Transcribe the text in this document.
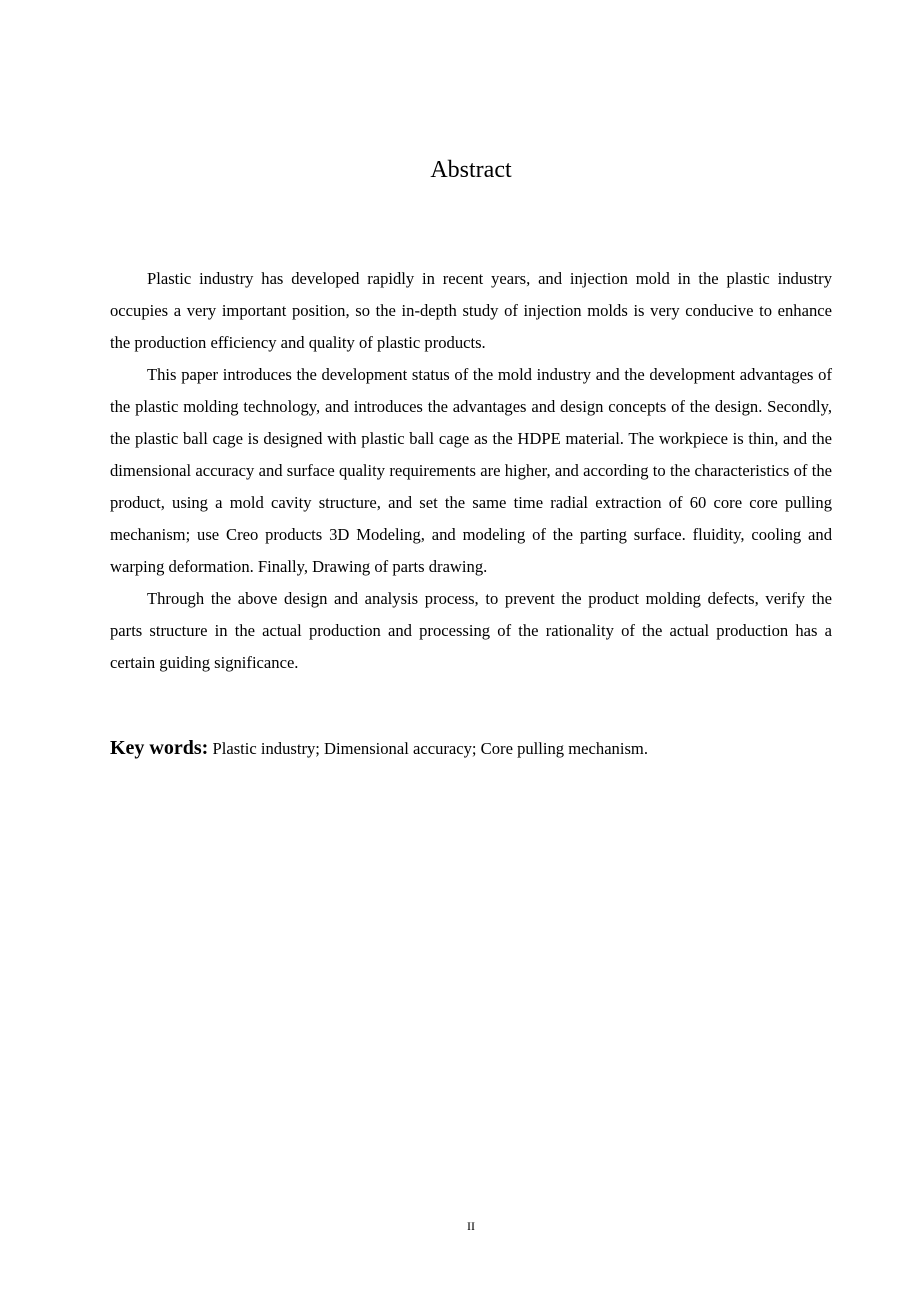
Abstract

Plastic industry has developed rapidly in recent years, and injection mold in the plastic industry occupies a very important position, so the in-depth study of injection molds is very conducive to enhance the production efficiency and quality of plastic products.

This paper introduces the development status of the mold industry and the development advantages of the plastic molding technology, and introduces the advantages and design concepts of the design. Secondly, the plastic ball cage is designed with plastic ball cage as the HDPE material. The workpiece is thin, and the dimensional accuracy and surface quality requirements are higher, and according to the characteristics of the product, using a mold cavity structure, and set the same time radial extraction of 60 core core pulling mechanism; use Creo products 3D Modeling, and modeling of the parting surface. fluidity, cooling and warping deformation. Finally, Drawing of parts drawing.

Through the above design and analysis process, to prevent the product molding defects, verify the parts structure in the actual production and processing of the rationality of the actual production has a certain guiding significance.

Key words: Plastic industry; Dimensional accuracy; Core pulling mechanism.

II
